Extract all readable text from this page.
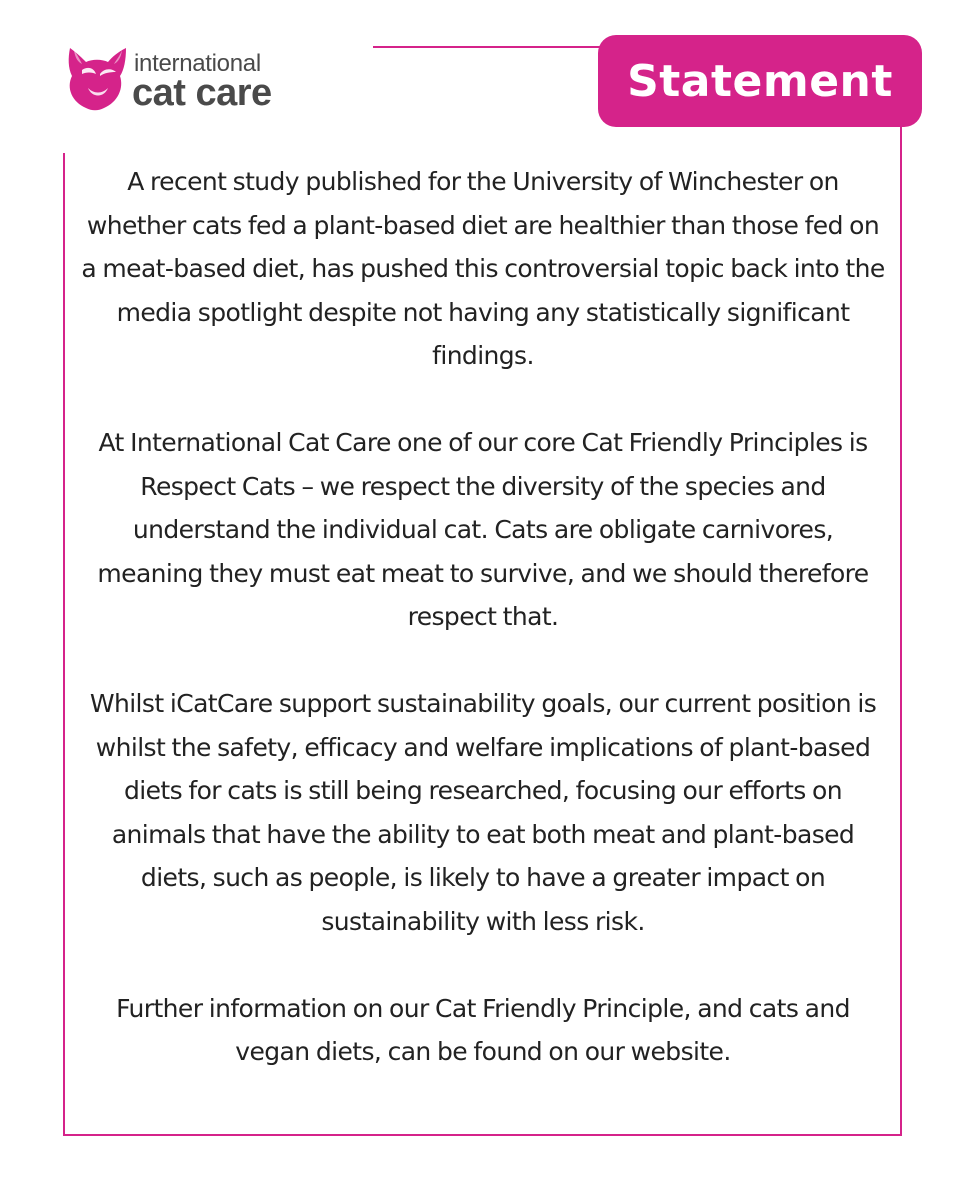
international
cat care	Statement

A recent study published for the University of Winchester on whether cats fed a plant-based diet are healthier than those fed on a meat-based diet, has pushed this controversial topic back into the media spotlight despite not having any statistically significant findings.

At International Cat Care one of our core Cat Friendly Principles is Respect Cats – we respect the diversity of the species and understand the individual cat. Cats are obligate carnivores, meaning they must eat meat to survive, and we should therefore respect that.

Whilst iCatCare support sustainability goals, our current position is whilst the safety, efficacy and welfare implications of plant-based diets for cats is still being researched, focusing our efforts on animals that have the ability to eat both meat and plant-based diets, such as people, is likely to have a greater impact on sustainability with less risk.

Further information on our Cat Friendly Principle, and cats and vegan diets, can be found on our website.
